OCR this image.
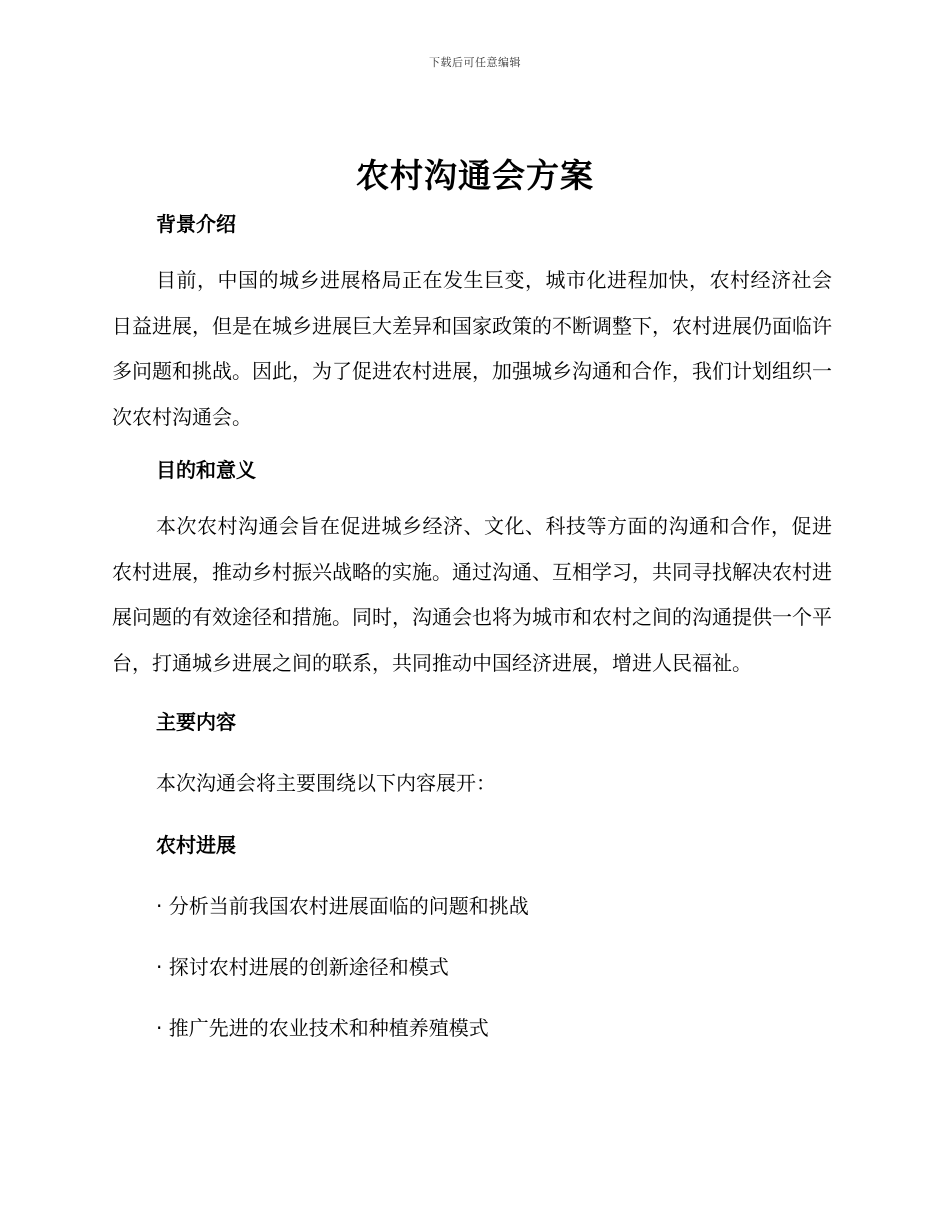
下载后可任意编辑
农村沟通会方案
背景介绍

目前，中国的城乡进展格局正在发生巨变，城市化进程加快，农村经济社会日益进展，但是在城乡进展巨大差异和国家政策的不断调整下，农村进展仍面临许多问题和挑战。因此，为了促进农村进展，加强城乡沟通和合作，我们计划组织一次农村沟通会。

目的和意义

本次农村沟通会旨在促进城乡经济、文化、科技等方面的沟通和合作，促进农村进展，推动乡村振兴战略的实施。通过沟通、互相学习，共同寻找解决农村进展问题的有效途径和措施。同时，沟通会也将为城市和农村之间的沟通提供一个平台，打通城乡进展之间的联系，共同推动中国经济进展，增进人民福祉。

主要内容

本次沟通会将主要围绕以下内容展开：

农村进展
· 分析当前我国农村进展面临的问题和挑战
· 探讨农村进展的创新途径和模式
· 推广先进的农业技术和种植养殖模式
